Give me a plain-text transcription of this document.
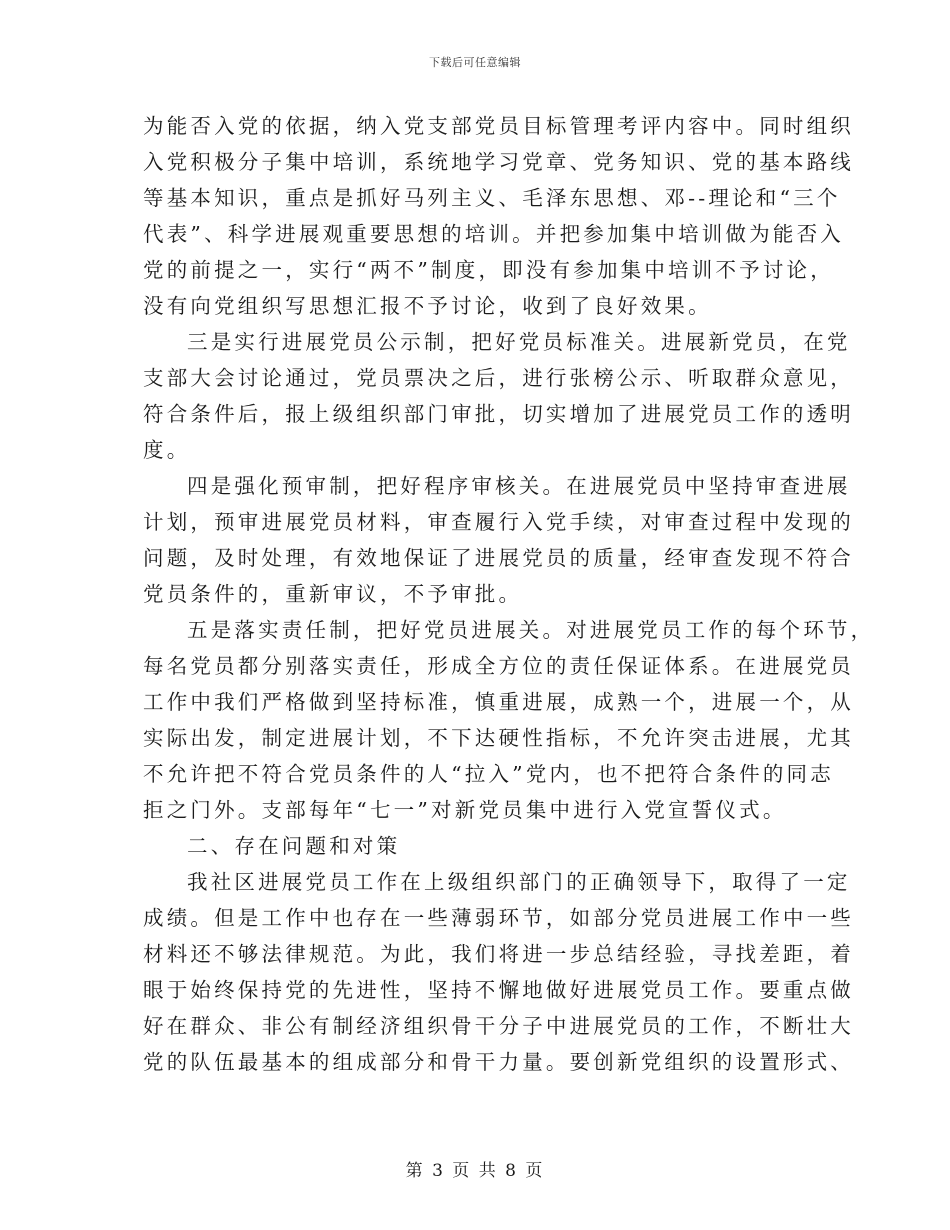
下载后可任意编辑
为能否入党的依据，纳入党支部党员目标管理考评内容中。同时组织
入党积极分子集中培训，系统地学习党章、党务知识、党的基本路线
等基本知识，重点是抓好马列主义、毛泽东思想、邓--理论和“三个
代表”、科学进展观重要思想的培训。并把参加集中培训做为能否入
党的前提之一，实行“两不”制度，即没有参加集中培训不予讨论，
没有向党组织写思想汇报不予讨论，收到了良好效果。
三是实行进展党员公示制，把好党员标准关。进展新党员，在党
支部大会讨论通过，党员票决之后，进行张榜公示、听取群众意见，
符合条件后，报上级组织部门审批，切实增加了进展党员工作的透明
度。
四是强化预审制，把好程序审核关。在进展党员中坚持审查进展
计划，预审进展党员材料，审查履行入党手续，对审查过程中发现的
问题，及时处理，有效地保证了进展党员的质量，经审查发现不符合
党员条件的，重新审议，不予审批。
五是落实责任制，把好党员进展关。对进展党员工作的每个环节，
每名党员都分别落实责任，形成全方位的责任保证体系。在进展党员
工作中我们严格做到坚持标准，慎重进展，成熟一个，进展一个，从
实际出发，制定进展计划，不下达硬性指标，不允许突击进展，尤其
不允许把不符合党员条件的人“拉入”党内，也不把符合条件的同志
拒之门外。支部每年“七一”对新党员集中进行入党宣誓仪式。
二、存在问题和对策
我社区进展党员工作在上级组织部门的正确领导下，取得了一定
成绩。但是工作中也存在一些薄弱环节，如部分党员进展工作中一些
材料还不够法律规范。为此，我们将进一步总结经验，寻找差距，着
眼于始终保持党的先进性，坚持不懈地做好进展党员工作。要重点做
好在群众、非公有制经济组织骨干分子中进展党员的工作，不断壮大
党的队伍最基本的组成部分和骨干力量。要创新党组织的设置形式、
第 3 页 共 8 页
